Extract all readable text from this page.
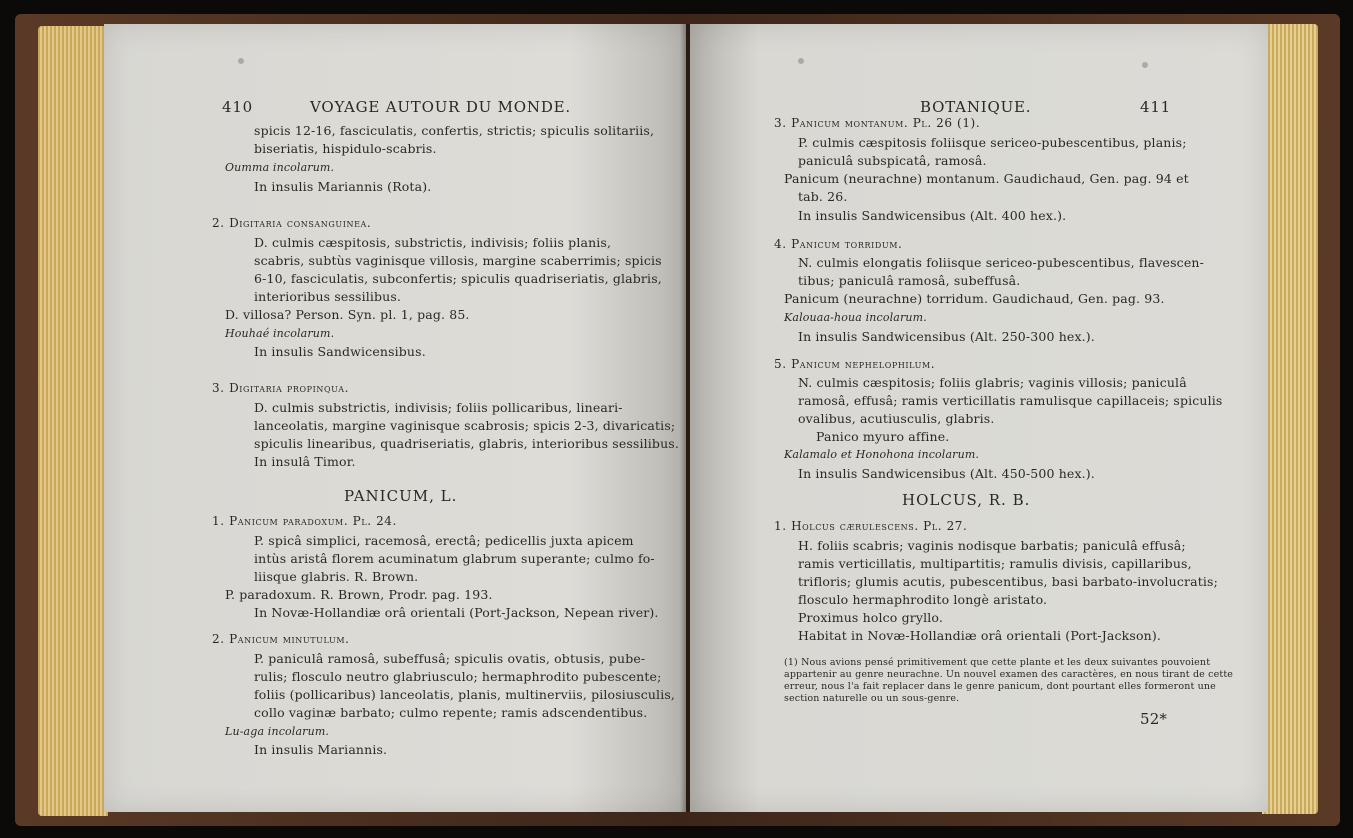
410	VOYAGE AUTOUR DU MONDE.
spicis 12-16, fasciculatis, confertis, strictis; spiculis solitariis,
biseriatis, hispidulo-scabris.
Oumma incolarum.
In insulis Mariannis (Rota).
2. Digitaria consanguinea.
D. culmis cæspitosis, substrictis, indivisis; foliis planis,
scabris, subtùs vaginisque villosis, margine scaberrimis; spicis
6-10, fasciculatis, subconfertis; spiculis quadriseriatis, glabris,
interioribus sessilibus.
D. villosa? Person. Syn. pl. 1, pag. 85.
Houhaé incolarum.
In insulis Sandwicensibus.
3. Digitaria propinqua.
D. culmis substrictis, indivisis; foliis pollicaribus, lineari-
lanceolatis, margine vaginisque scabrosis; spicis 2-3, divaricatis;
spiculis linearibus, quadriseriatis, glabris, interioribus sessilibus.
In insulâ Timor.
PANICUM, L.
1. Panicum paradoxum. Pl. 24.
P. spicâ simplici, racemosâ, erectâ; pedicellis juxta apicem
intùs aristâ florem acuminatum glabrum superante; culmo fo-
liisque glabris. R. Brown.
P. paradoxum. R. Brown, Prodr. pag. 193.
In Novæ-Hollandiæ orâ orientali (Port-Jackson, Nepean river).
2. Panicum minutulum.
P. paniculâ ramosâ, subeffusâ; spiculis ovatis, obtusis, pube-
rulis; flosculo neutro glabriusculo; hermaphrodito pubescente;
foliis (pollicaribus) lanceolatis, planis, multinerviis, pilosiusculis,
collo vaginæ barbato; culmo repente; ramis adscendentibus.
Lu-aga incolarum.
In insulis Mariannis.
BOTANIQUE.	411
3. Panicum montanum. Pl. 26 (1).
P. culmis cæspitosis foliisque sericeo-pubescentibus, planis;
paniculâ subspicatâ, ramosâ.
Panicum (neurachne) montanum. Gaudichaud, Gen. pag. 94 et
tab. 26.
In insulis Sandwicensibus (Alt. 400 hex.).
4. Panicum torridum.
N. culmis elongatis foliisque sericeo-pubescentibus, flavescen-
tibus; paniculâ ramosâ, subeffusâ.
Panicum (neurachne) torridum. Gaudichaud, Gen. pag. 93.
Kalouaa-houa incolarum.
In insulis Sandwicensibus (Alt. 250-300 hex.).
5. Panicum nephelophilum.
N. culmis cæspitosis; foliis glabris; vaginis villosis; paniculâ
ramosâ, effusâ; ramis verticillatis ramulisque capillaceis; spiculis
ovalibus, acutiusculis, glabris.
Panico myuro affine.
Kalamalo et Honohona incolarum.
In insulis Sandwicensibus (Alt. 450-500 hex.).
HOLCUS, R. B.
1. Holcus cærulescens. Pl. 27.
H. foliis scabris; vaginis nodisque barbatis; paniculâ effusâ;
ramis verticillatis, multipartitis; ramulis divisis, capillaribus,
trifloris; glumis acutis, pubescentibus, basi barbato-involucratis;
flosculo hermaphrodito longè aristato.
Proximus holco gryllo.
Habitat in Novæ-Hollandiæ orâ orientali (Port-Jackson).
(1) Nous avions pensé primitivement que cette plante et les deux suivantes pouvoient
appartenir au genre neurachne. Un nouvel examen des caractères, en nous tirant de cette
erreur, nous l'a fait replacer dans le genre panicum, dont pourtant elles formeront une
section naturelle ou un sous-genre.
52*
